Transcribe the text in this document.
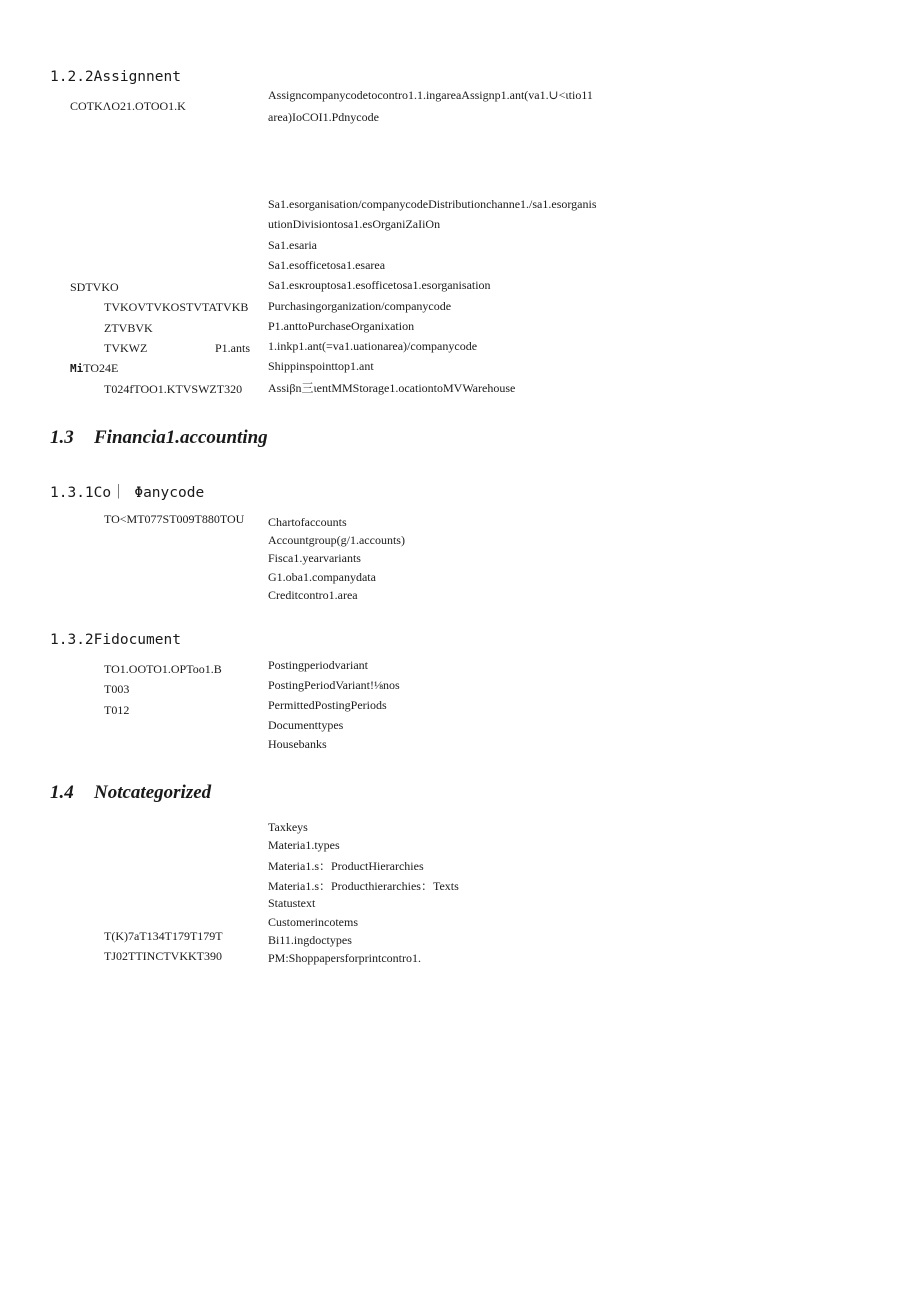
1.2.2Assignnent
COTKΛO21.OTOO1.K
Assigncompanycodetocontro1.1.ingareaAssignp1.ant(va1.∪<ιtio11
area)IoCOI1.Pdnycode
Sa1.esorganisation/companycodeDistributionchanne1./sa1.esorganis
utionDivisiontosa1.esOrganiZaIiOn
Sa1.esaria
Sa1.esofficetosa1.esarea
Sa1.esκrouptosa1.esofficetosa1.esorganisation
Purchasingorganization/companycode
P1.anttoPurchaseOrganixation
1.inkp1.ant(=va1.uationarea)/companycode
Shippinspointtop1.ant
Assiβn三ιentMMStorage1.ocationtoMVWarehouse
SDTVKO
TVKOVTVKOSTVTATVKB
ZTVBVK
TVKWZ	P1.ants
MiTO24E
T024fTOO1.KTVSWZT320
1.3 Financia1.accounting
1.3.1Co｜ Φanycode
TO<MT077ST009T880TOU Chartofaccounts
Accountgroup(g/1.accounts)
Fisca1.yearvariants
G1.oba1.companydata
Creditcontro1.area
1.3.2Fidocument
TO1.OOTO1.OPToo1.B
T003
T012
Postingperiodvariant
PostingPeriodVariant!⅛nos
PermittedPostingPeriods
Documenttypes
Housebanks
1.4 Notcategorized
Taxkeys
Materia1.types
Materia1.s：ProductHierarchies
Materia1.s：Producthierarchies：Texts
Statustext
Customerincotems
Bi11.ingdoctypes
PM:Shoppapersforprintcontro1.
T(K)7aT134T179T179T
TJ02TTINCTVKKT390
